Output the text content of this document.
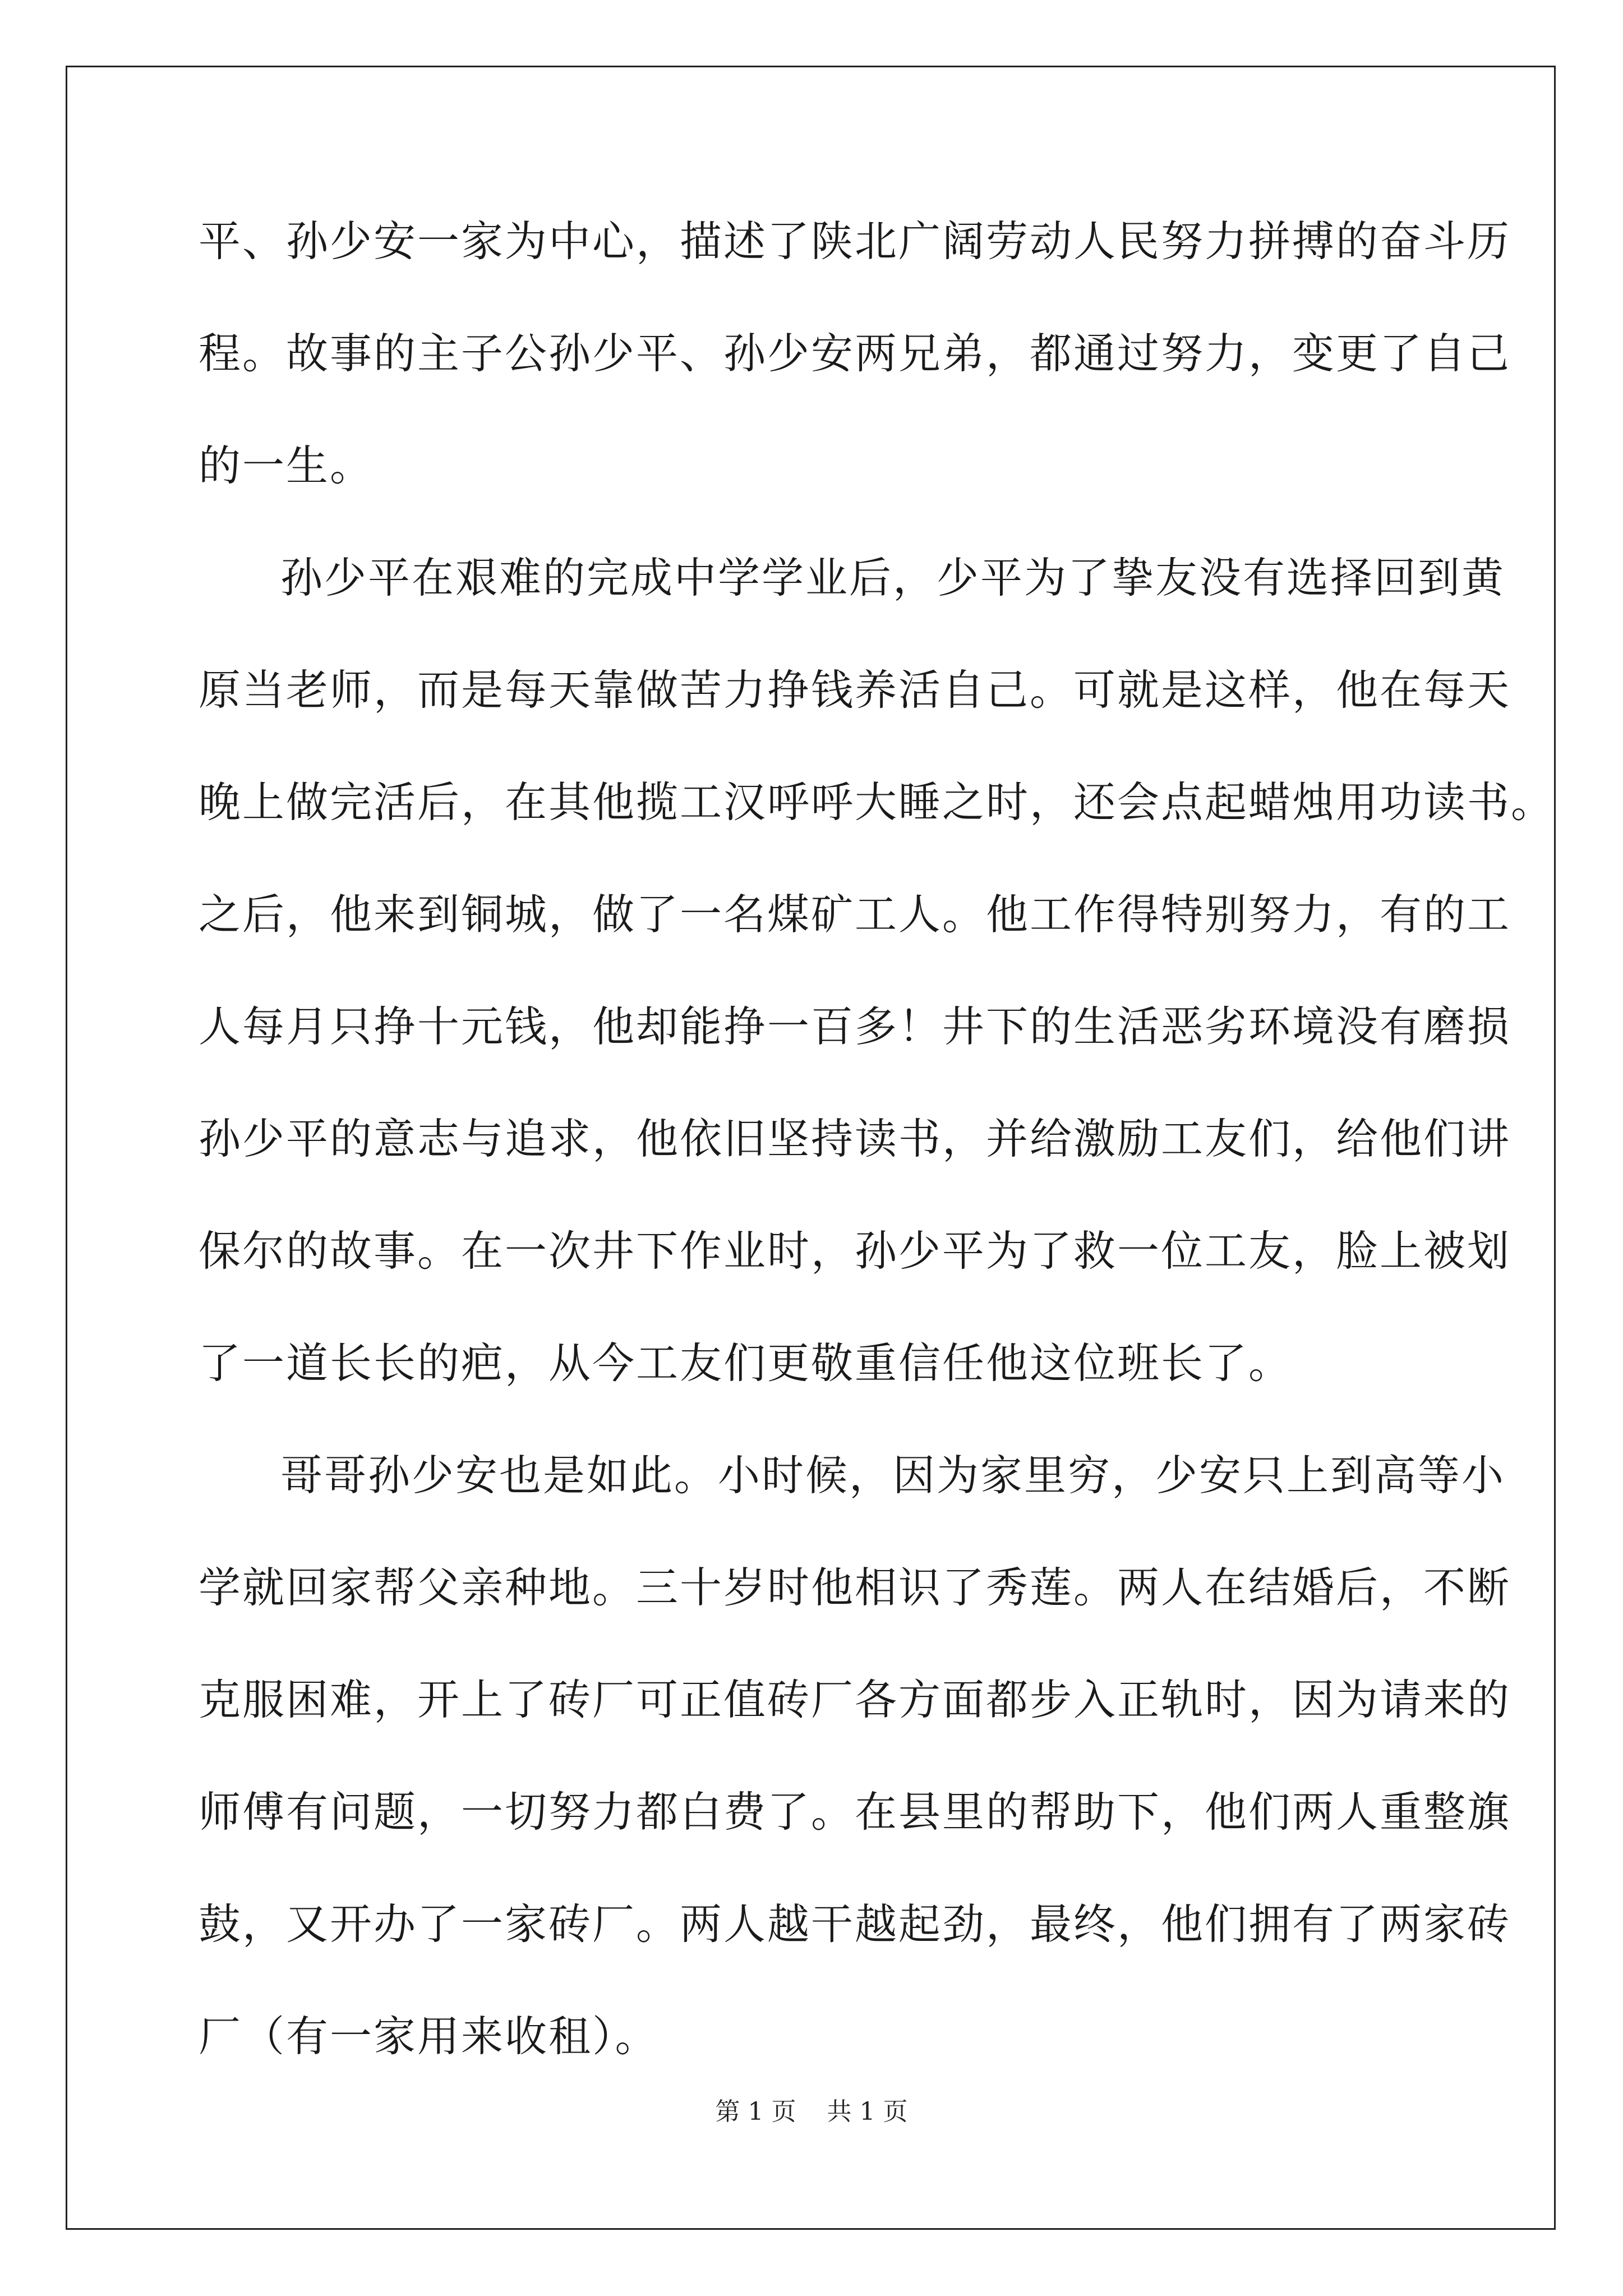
平、孙少安一家为中心，描述了陕北广阔劳动人民努力拼搏的奋斗历
程。故事的主子公孙少平、孙少安两兄弟，都通过努力，变更了自己
的一生。
孙少平在艰难的完成中学学业后，少平为了挚友没有选择回到黄
原当老师，而是每天靠做苦力挣钱养活自己。可就是这样，他在每天
晚上做完活后，在其他揽工汉呼呼大睡之时，还会点起蜡烛用功读书。
之后，他来到铜城，做了一名煤矿工人。他工作得特别努力，有的工
人每月只挣十元钱，他却能挣一百多！井下的生活恶劣环境没有磨损
孙少平的意志与追求，他依旧坚持读书，并给激励工友们，给他们讲
保尔的故事。在一次井下作业时，孙少平为了救一位工友，脸上被划
了一道长长的疤，从今工友们更敬重信任他这位班长了。
哥哥孙少安也是如此。小时候，因为家里穷，少安只上到高等小
学就回家帮父亲种地。三十岁时他相识了秀莲。两人在结婚后，不断
克服困难，开上了砖厂可正值砖厂各方面都步入正轨时，因为请来的
师傅有问题，一切努力都白费了。在县里的帮助下，他们两人重整旗
鼓，又开办了一家砖厂。两人越干越起劲，最终，他们拥有了两家砖
厂（有一家用来收租）。
第 1 页 共 1 页
